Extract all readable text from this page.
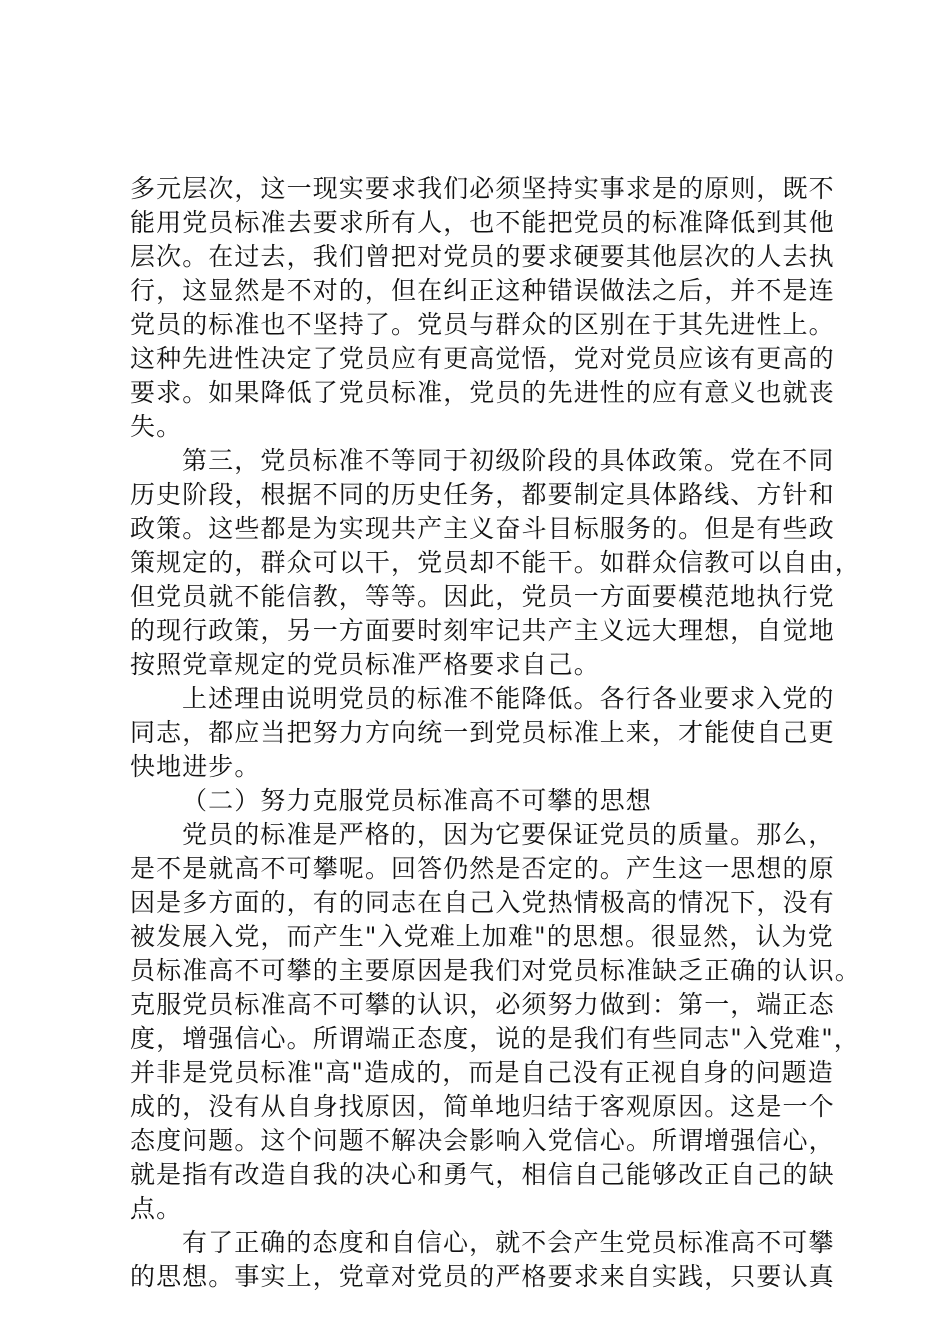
多元层次，这一现实要求我们必须坚持实事求是的原则，既不
能用党员标准去要求所有人，也不能把党员的标准降低到其他
层次。在过去，我们曾把对党员的要求硬要其他层次的人去执
行，这显然是不对的，但在纠正这种错误做法之后，并不是连
党员的标准也不坚持了。党员与群众的区别在于其先进性上。
这种先进性决定了党员应有更高觉悟，党对党员应该有更高的
要求。如果降低了党员标准，党员的先进性的应有意义也就丧
失。
第三，党员标准不等同于初级阶段的具体政策。党在不同
历史阶段，根据不同的历史任务，都要制定具体路线、方针和
政策。这些都是为实现共产主义奋斗目标服务的。但是有些政
策规定的，群众可以干，党员却不能干。如群众信教可以自由，
但党员就不能信教，等等。因此，党员一方面要模范地执行党
的现行政策，另一方面要时刻牢记共产主义远大理想，自觉地
按照党章规定的党员标准严格要求自己。
上述理由说明党员的标准不能降低。各行各业要求入党的
同志，都应当把努力方向统一到党员标准上来，才能使自己更
快地进步。
（二）努力克服党员标准高不可攀的思想
党员的标准是严格的，因为它要保证党员的质量。那么，
是不是就高不可攀呢。回答仍然是否定的。产生这一思想的原
因是多方面的，有的同志在自己入党热情极高的情况下，没有
被发展入党，而产生"入党难上加难"的思想。很显然，认为党
员标准高不可攀的主要原因是我们对党员标准缺乏正确的认识。
克服党员标准高不可攀的认识，必须努力做到：第一，端正态
度，增强信心。所谓端正态度，说的是我们有些同志"入党难"，
并非是党员标准"高"造成的，而是自己没有正视自身的问题造
成的，没有从自身找原因，简单地归结于客观原因。这是一个
态度问题。这个问题不解决会影响入党信心。所谓增强信心，
就是指有改造自我的决心和勇气，相信自己能够改正自己的缺
点。
有了正确的态度和自信心，就不会产生党员标准高不可攀
的思想。事实上，党章对党员的严格要求来自实践，只要认真
